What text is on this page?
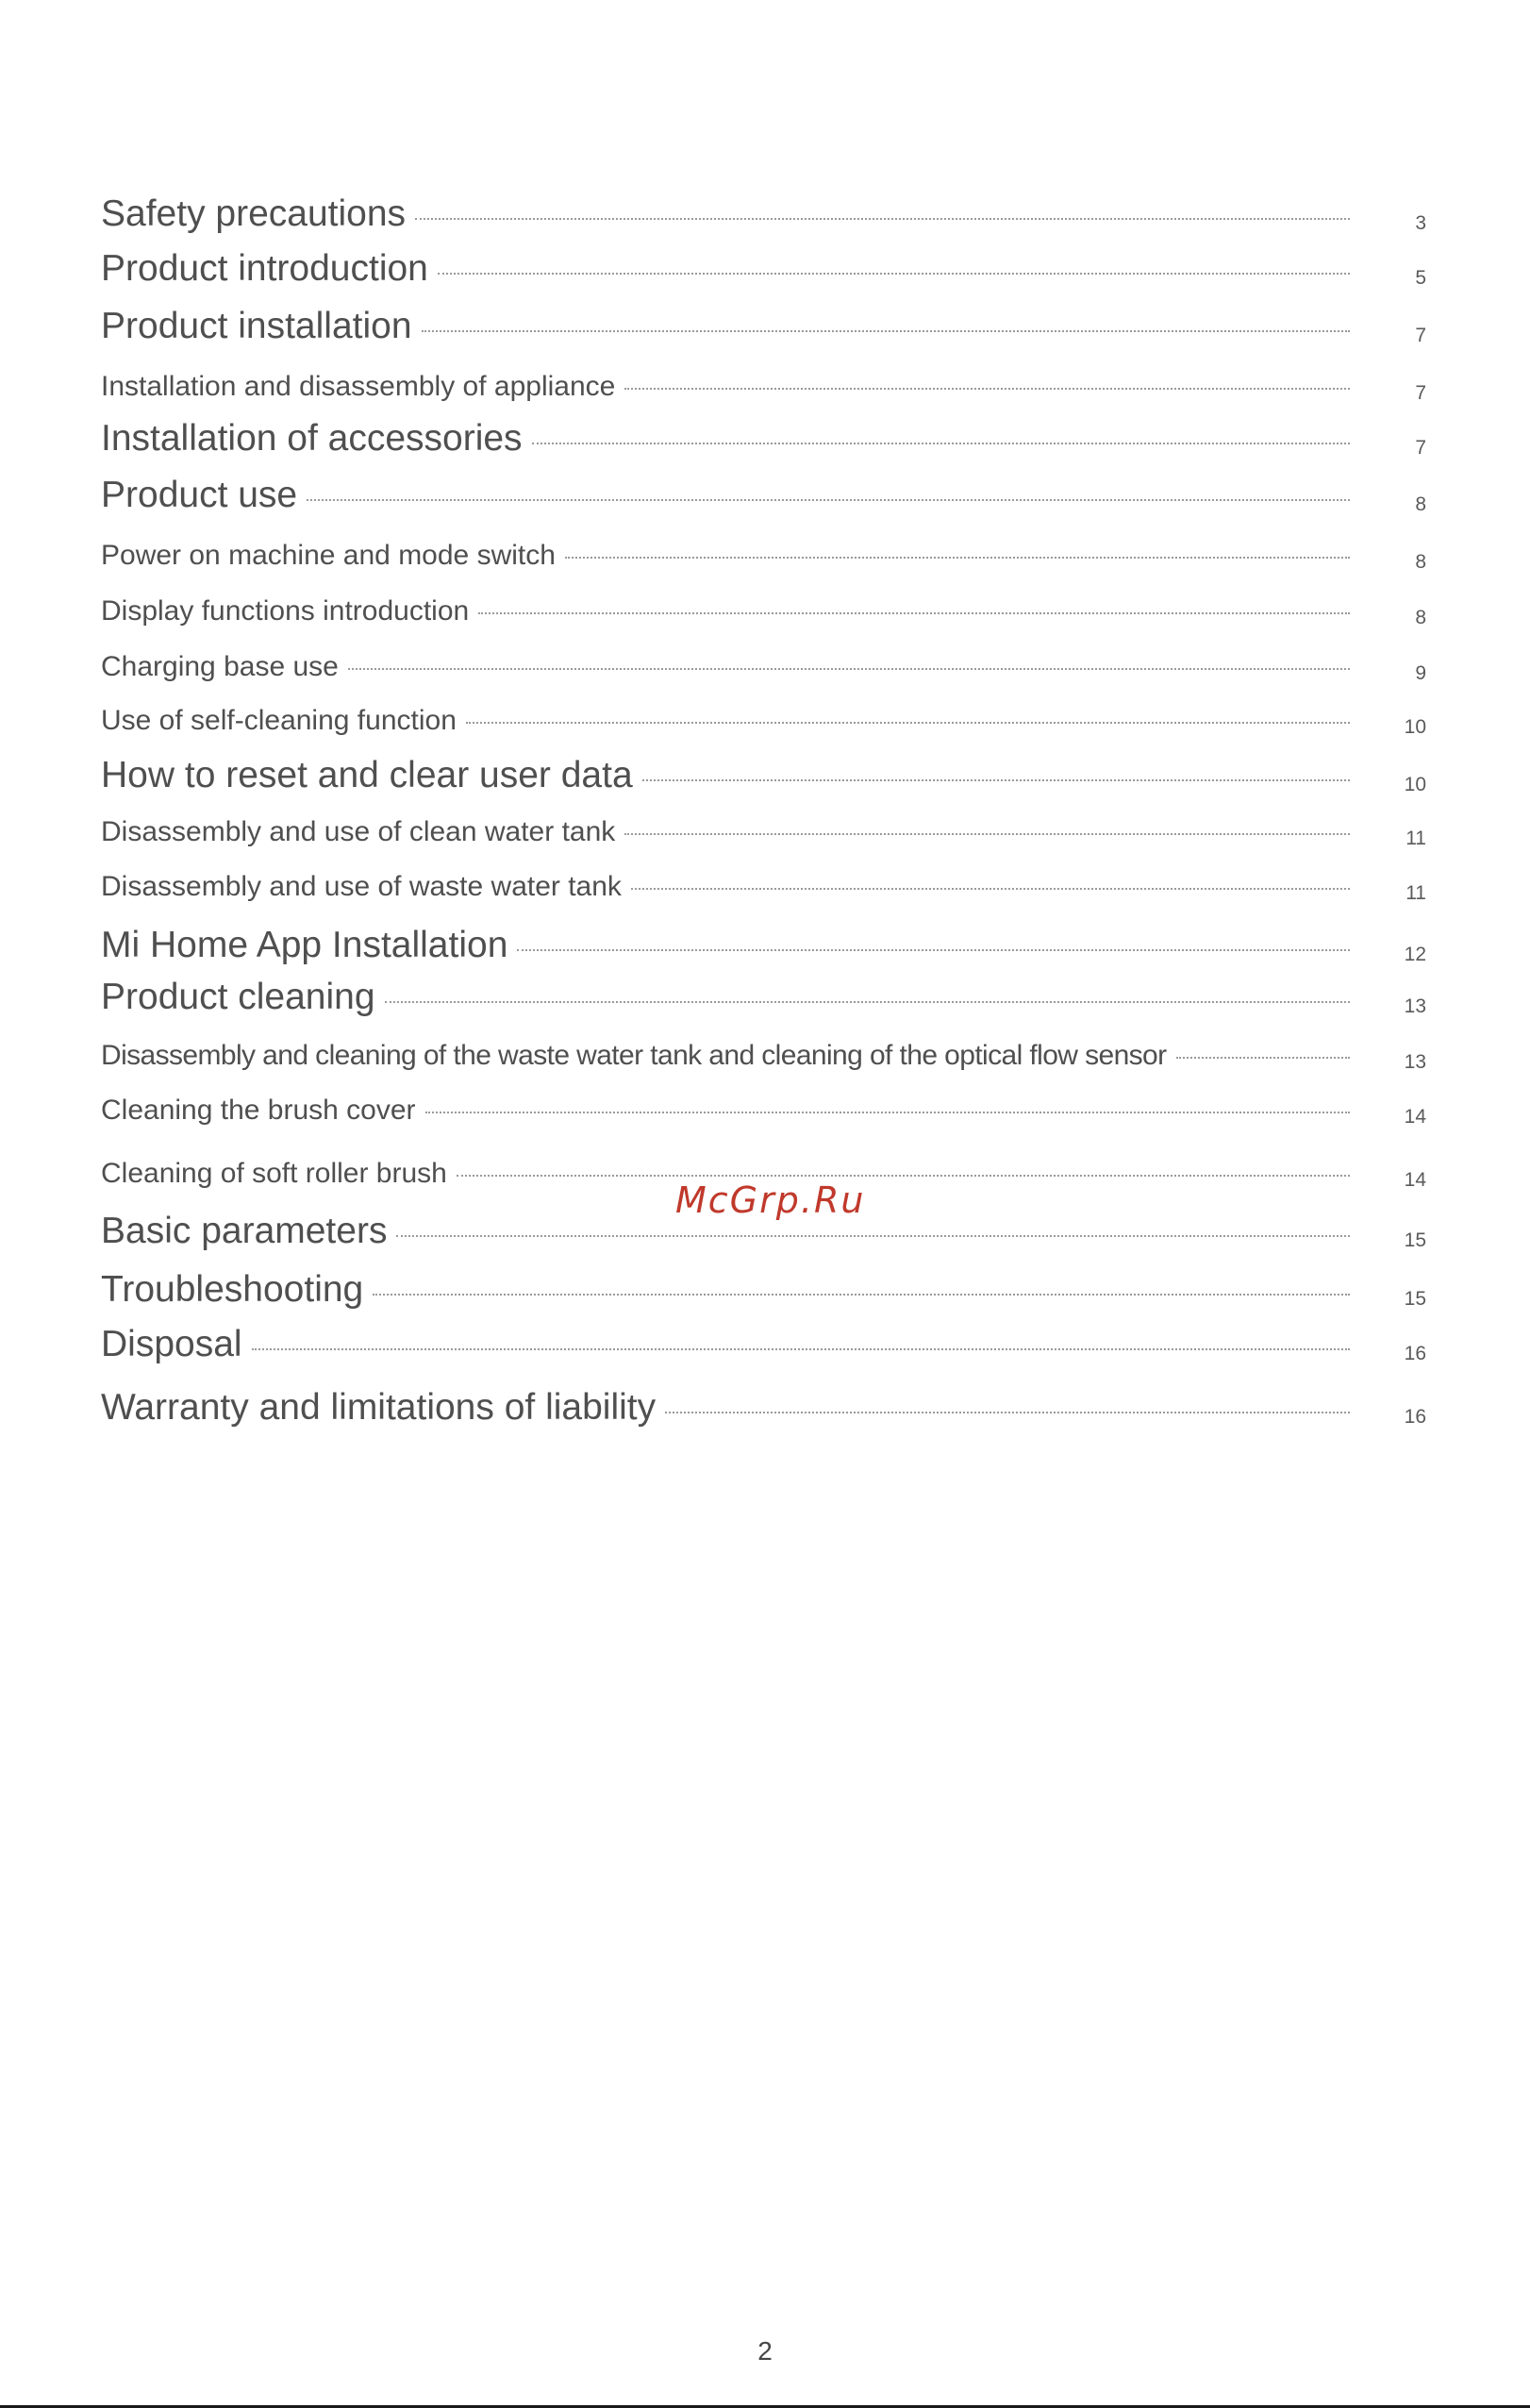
Safety precautions	3
Product introduction	5
Product installation	7
Installation and disassembly of appliance	7
Installation of accessories	7
Product use	8
Power on machine and mode switch	8
Display functions introduction	8
Charging base use	9
Use of self-cleaning function	10
How to reset and clear user data	10
Disassembly and use of clean water tank	11
Disassembly and use of waste water tank	11
Mi Home App Installation	12
Product cleaning	13
Disassembly and cleaning of the waste water tank and cleaning of the optical flow sensor	13
Cleaning the brush cover	14
Cleaning of soft roller brush	14
Basic parameters	15
Troubleshooting	15
Disposal	16
Warranty and limitations of liability	16
McGrp.Ru
2
